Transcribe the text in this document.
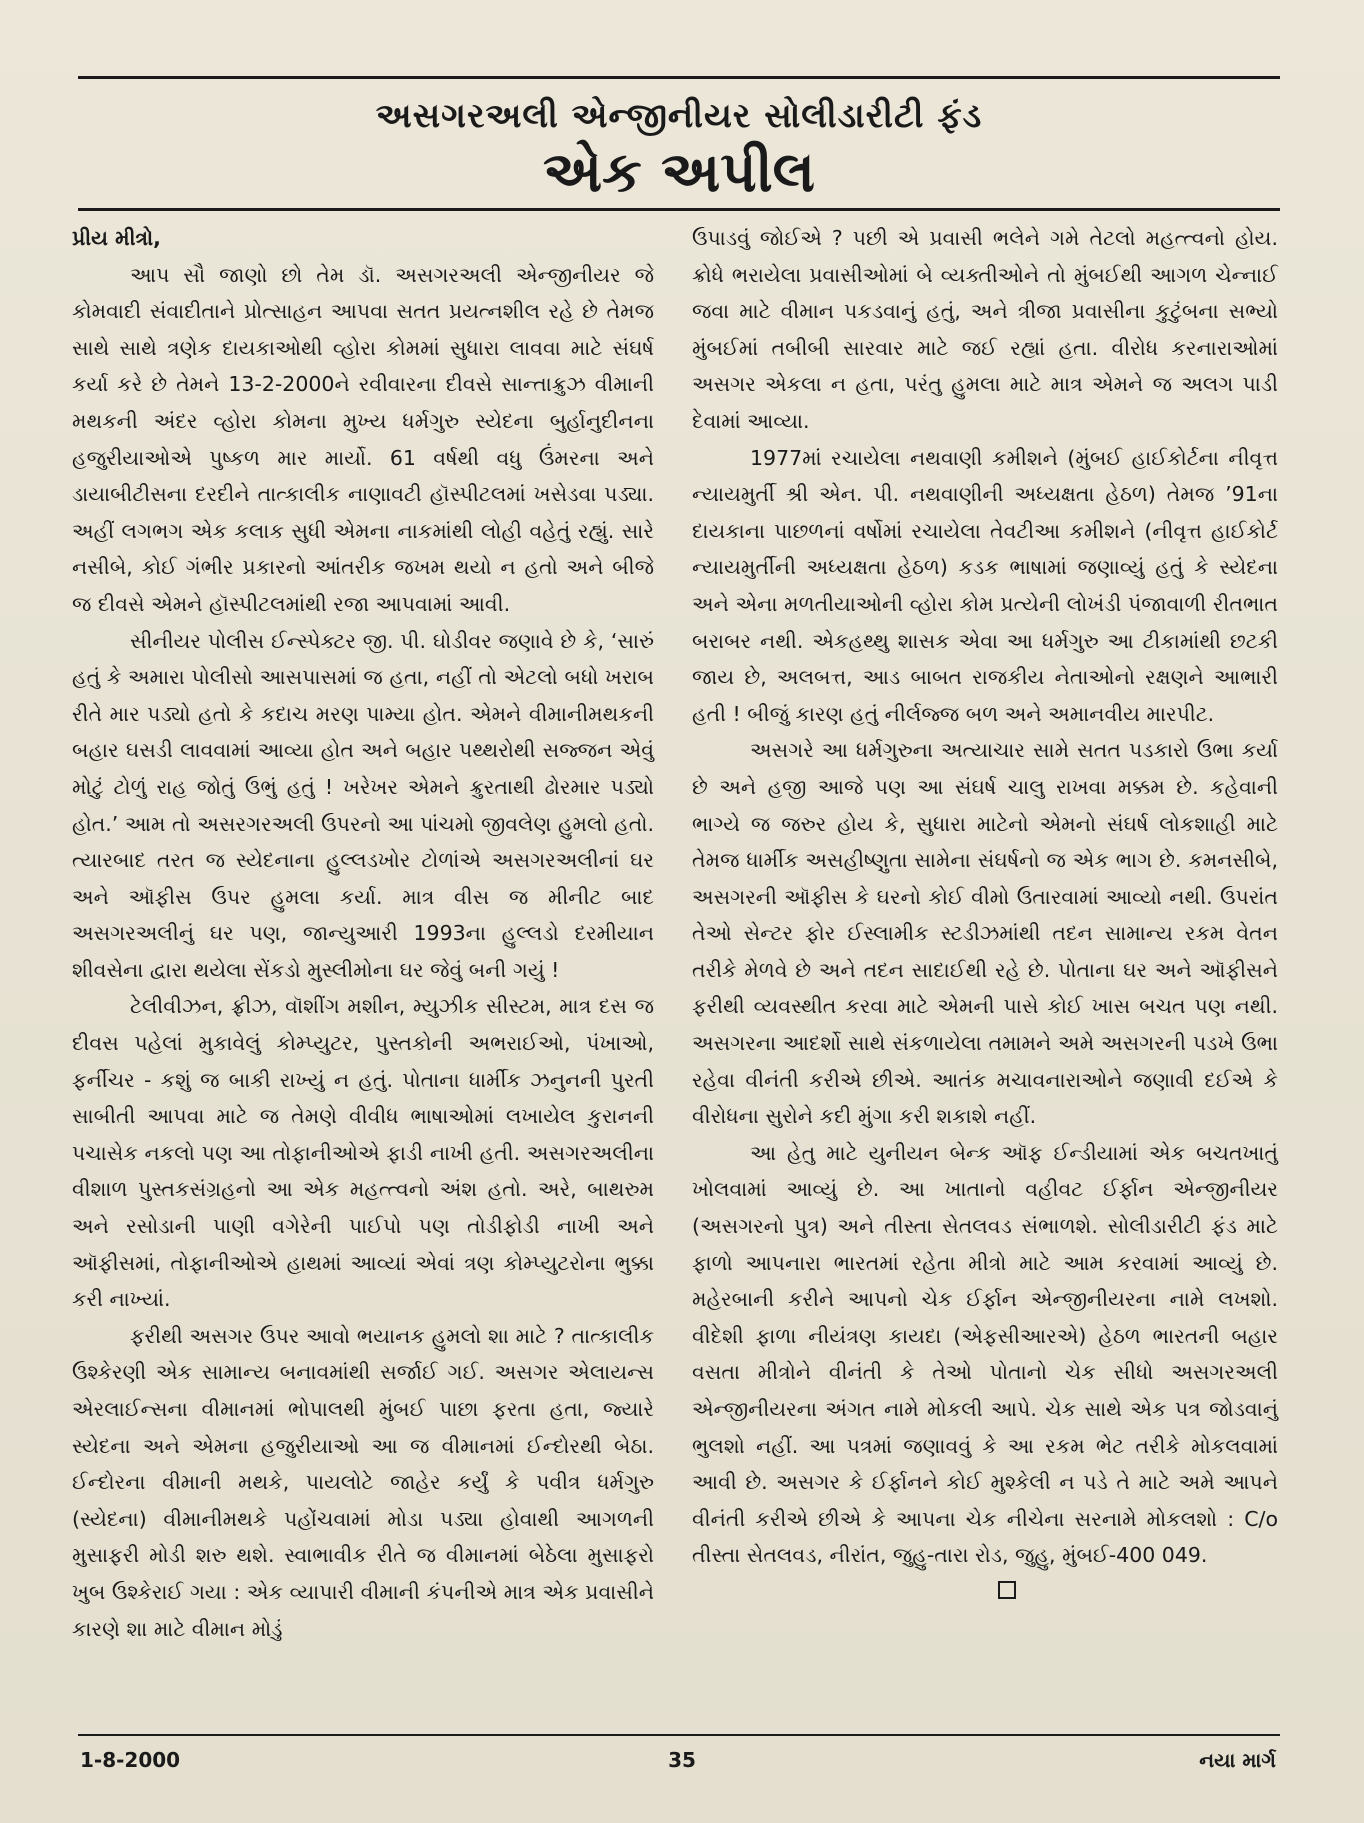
અસગરઅલી એન્જીનીયર સોલીડારીટી ફંડ
એક અપીલ

પ્રીય મીત્રો,

આપ સૌ જાણો છો તેમ ડૉ. અસગરઅલી એન્જીનીયર જે કોમવાદી સંવાદીતાને પ્રોત્સાહન આપવા સતત પ્રયત્નશીલ રહે છે તેમજ સાથે સાથે ત્રણેક દાયકાઓથી વ્હોરા કોમમાં સુધારા લાવવા માટે સંઘર્ષ કર્યા કરે છે તેમને 13-2-2000ને રવીવારના દીવસે સાન્તાક્રુઝ વીમાની મથકની અંદર વ્હોરા કોમના મુખ્ય ધર્મગુરુ સ્યેદના બુર્હાનુદીનના હજુરીયાઓએ પુષ્કળ માર માર્યો. 61 વર્ષથી વધુ ઉંમરના અને ડાયાબીટીસના દરદીને તાત્કાલીક નાણાવટી હૉસ્પીટલમાં ખસેડવા પડ્યા. અહીં લગભગ એક કલાક સુધી એમના નાકમાંથી લોહી વહેતું રહ્યું. સારે નસીબે, કોઈ ગંભીર પ્રકારનો આંતરીક જખમ થયો ન હતો અને બીજે જ દીવસે એમને હૉસ્પીટલમાંથી રજા આપવામાં આવી.

સીનીયર પોલીસ ઈન્સ્પેક્ટર જી. પી. ઘોડીવર જણાવે છે કે, ‘સારું હતું કે અમારા પોલીસો આસપાસમાં જ હતા, નહીં તો એટલો બધો ખરાબ રીતે માર પડ્યો હતો કે કદાચ મરણ પામ્યા હોત. એમને વીમાનીમથકની બહાર ઘસડી લાવવામાં આવ્યા હોત અને બહાર પથ્થરોથી સજ્જન એવું મોટું ટોળું રાહ જોતું ઉભું હતું ! ખરેખર એમને ક્રુરતાથી ઢોરમાર પડ્યો હોત.’ આમ તો અસરગરઅલી ઉપરનો આ પાંચમો જીવલેણ હુમલો હતો. ત્યારબાદ તરત જ સ્યેદનાના હુલ્લડખોર ટોળાંએ અસગરઅલીનાં ઘર અને ઑફીસ ઉપર હુમલા કર્યા. માત્ર વીસ જ મીનીટ બાદ અસગરઅલીનું ઘર પણ, જાન્યુઆરી 1993ના હુલ્લડો દરમીયાન શીવસેના દ્વારા થયેલા સેંકડો મુસ્લીમોના ઘર જેવું બની ગયું !

ટેલીવીઝન, ફ્રીઝ, વૉશીંગ મશીન, મ્યુઝીક સીસ્ટમ, માત્ર દસ જ દીવસ પહેલાં મુકાવેલું કોમ્પ્યુટર, પુસ્તકોની અભરાઈઓ, પંખાઓ, ફર્નીચર - કશું જ બાકી રાખ્યું ન હતું. પોતાના ધાર્મીક ઝનુનની પુરતી સાબીતી આપવા માટે જ તેમણે વીવીધ ભાષાઓમાં લખાયેલ કુરાનની પચાસેક નકલો પણ આ તોફાનીઓએ ફાડી નાખી હતી. અસગરઅલીના વીશાળ પુસ્તકસંગ્રહનો આ એક મહત્ત્વનો અંશ હતો. અરે, બાથરુમ અને રસોડાની પાણી વગેરેની પાઈપો પણ તોડીફોડી નાખી અને ઑફીસમાં, તોફાનીઓએ હાથમાં આવ્યાં એવાં ત્રણ કોમ્પ્યુટરોના ભુક્કા કરી નાખ્યાં.

ફરીથી અસગર ઉપર આવો ભયાનક હુમલો શા માટે ? તાત્કાલીક ઉશ્કેરણી એક સામાન્ય બનાવમાંથી સર્જાઈ ગઈ. અસગર એલાયન્સ એરલાઈન્સના વીમાનમાં ભોપાલથી મુંબઈ પાછા ફરતા હતા, જ્યારે સ્યેદના અને એમના હજુરીયાઓ આ જ વીમાનમાં ઈન્દોરથી બેઠા. ઈન્દોરના વીમાની મથકે, પાયલોટે જાહેર કર્યું કે પવીત્ર ધર્મગુરુ (સ્યેદના) વીમાનીમથકે પહોંચવામાં મોડા પડ્યા હોવાથી આગળની મુસાફરી મોડી શરુ થશે. સ્વાભાવીક રીતે જ વીમાનમાં બેઠેલા મુસાફરો ખુબ ઉશ્કેરાઈ ગયા : એક વ્યાપારી વીમાની કંપનીએ માત્ર એક પ્રવાસીને કારણે શા માટે વીમાન મોડું

ઉપાડવું જોઈએ ? પછી એ પ્રવાસી ભલેને ગમે તેટલો મહત્ત્વનો હોય. ક્રોધે ભરાયેલા પ્રવાસીઓમાં બે વ્યક્તીઓને તો મુંબઈથી આગળ ચેન્નાઈ જવા માટે વીમાન પકડવાનું હતું, અને ત્રીજા પ્રવાસીના કુટુંબના સભ્યો મુંબઈમાં તબીબી સારવાર માટે જઈ રહ્યાં હતા. વીરોધ કરનારાઓમાં અસગર એકલા ન હતા, પરંતુ હુમલા માટે માત્ર એમને જ અલગ પાડી દેવામાં આવ્યા.

1977માં રચાયેલા નથવાણી કમીશને (મુંબઈ હાઈકોર્ટના નીવૃત્ત ન્યાયમુર્તી શ્રી એન. પી. નથવાણીની અધ્યક્ષતા હેઠળ) તેમજ ’91ના દાયકાના પાછળનાં વર્ષોમાં રચાયેલા તેવટીઆ કમીશને (નીવૃત્ત હાઈકોર્ટ ન્યાયમુર્તીની અધ્યક્ષતા હેઠળ) કડક ભાષામાં જણાવ્યું હતું કે સ્યેદના અને એના મળતીયાઓની વ્હોરા કોમ પ્રત્યેની લોખંડી પંજાવાળી રીતભાત બરાબર નથી. એકહથ્થુ શાસક એવા આ ધર્મગુરુ આ ટીકામાંથી છટકી જાય છે, અલબત્ત, આડ બાબત રાજકીય નેતાઓનો રક્ષણને આભારી હતી ! બીજું કારણ હતું નીર્લજ્જ બળ અને અમાનવીય મારપીટ.

અસગરે આ ધર્મગુરુના અત્યાચાર સામે સતત પડકારો ઉભા કર્યા છે અને હજી આજે પણ આ સંઘર્ષ ચાલુ રાખવા મક્કમ છે. કહેવાની ભાગ્યે જ જરુર હોય કે, સુધારા માટેનો એમનો સંઘર્ષ લોકશાહી માટે તેમજ ધાર્મીક અસહીષ્ણુતા સામેના સંઘર્ષનો જ એક ભાગ છે. કમનસીબે, અસગરની ઑફીસ કે ઘરનો કોઈ વીમો ઉતારવામાં આવ્યો નથી. ઉપરાંત તેઓ સેન્ટર ફોર ઈસ્લામીક સ્ટડીઝમાંથી તદન સામાન્ય રકમ વેતન તરીકે મેળવે છે અને તદન સાદાઈથી રહે છે. પોતાના ઘર અને ઑફીસને ફરીથી વ્યવસ્થીત કરવા માટે એમની પાસે કોઈ ખાસ બચત પણ નથી. અસગરના આદર્શો સાથે સંકળાયેલા તમામને અમે અસગરની પડખે ઉભા રહેવા વીનંતી કરીએ છીએ. આતંક મચાવનારાઓને જણાવી દઈએ કે વીરોધના સુરોને કદી મુંગા કરી શકાશે નહીં.

આ હેતુ માટે યુનીયન બેન્ક ઑફ ઈન્ડીયામાં એક બચતખાતું ખોલવામાં આવ્યું છે. આ ખાતાનો વહીવટ ઈર્ફાન એન્જીનીયર (અસગરનો પુત્ર) અને તીસ્તા સેતલવડ સંભાળશે. સોલીડારીટી ફંડ માટે ફાળો આપનારા ભારતમાં રહેતા મીત્રો માટે આમ કરવામાં આવ્યું છે. મહેરબાની કરીને આપનો ચેક ઈર્ફાન એન્જીનીયરના નામે લખશો. વીદેશી ફાળા નીયંત્રણ કાયદા (એફસીઆરએ) હેઠળ ભારતની બહાર વસતા મીત્રોને વીનંતી કે તેઓ પોતાનો ચેક સીધો અસગરઅલી એન્જીનીયરના અંગત નામે મોકલી આપે. ચેક સાથે એક પત્ર જોડવાનું ભુલશો નહીં. આ પત્રમાં જણાવવું કે આ રકમ ભેટ તરીકે મોકલવામાં આવી છે. અસગર કે ઈર્ફાનને કોઈ મુશ્કેલી ન પડે તે માટે અમે આપને વીનંતી કરીએ છીએ કે આપના ચેક નીચેના સરનામે મોકલશો : C/o તીસ્તા સેતલવડ, નીરાંત, જુહુ-તારા રોડ, જુહુ, મુંબઈ-400 049.

1-8-2000	35	નયા માર્ગ
